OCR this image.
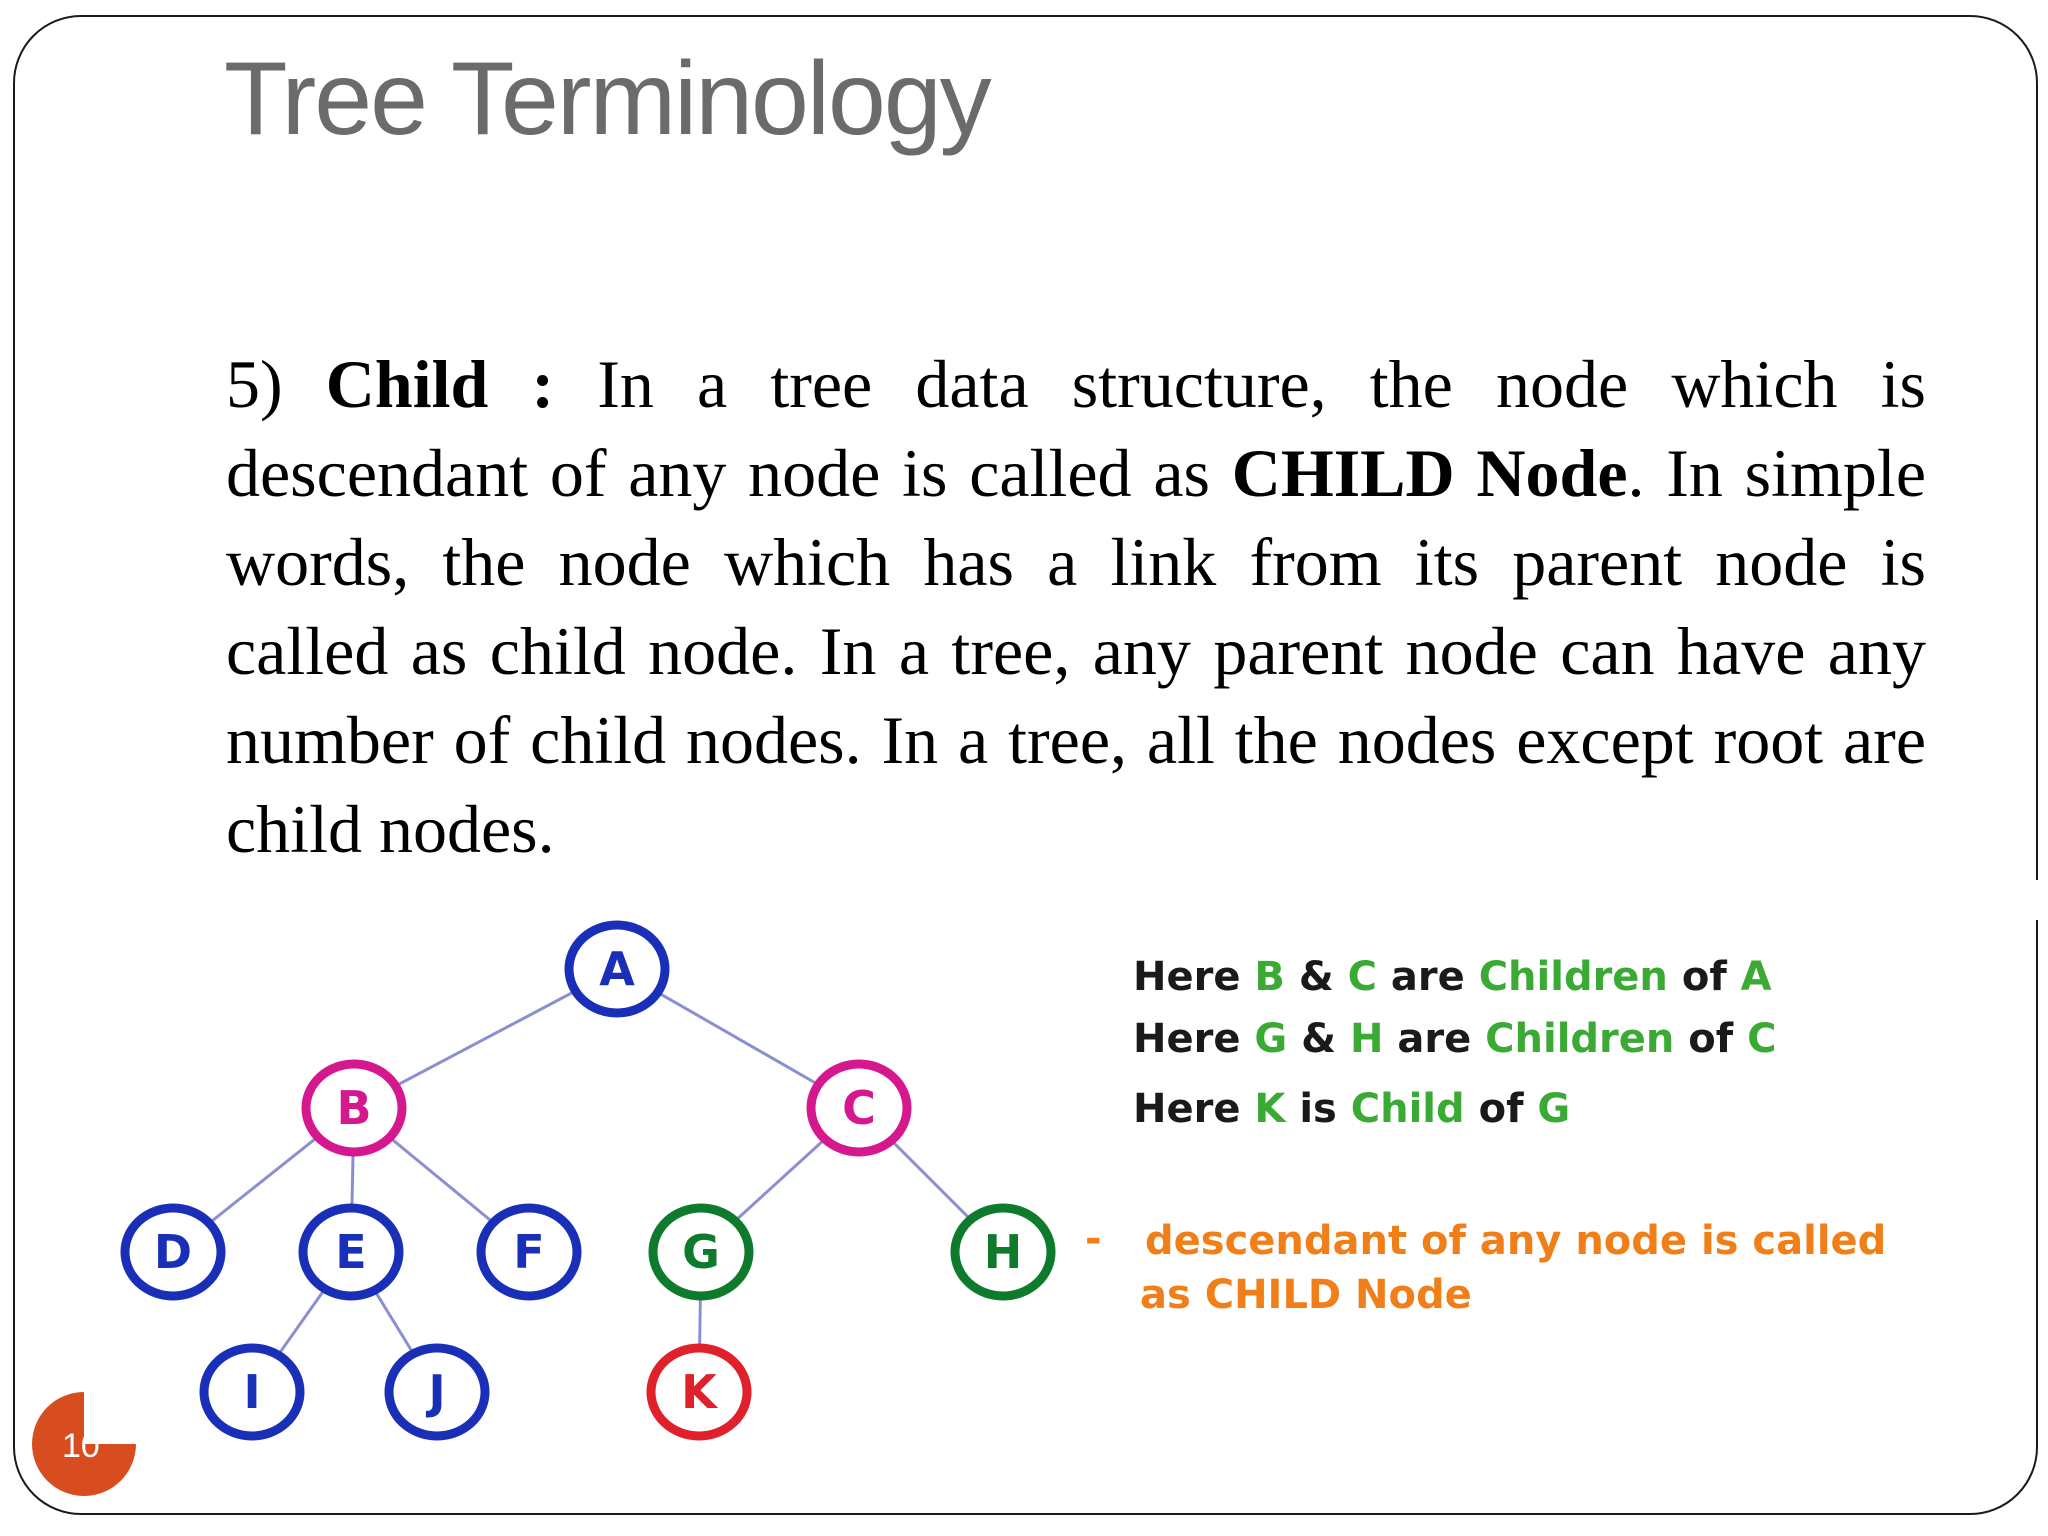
Tree Terminology

5) Child : In a tree data structure, the node which is descendant of any node is called as CHILD Node. In simple words, the node which has a link from its parent node is called as child node. In a tree, any parent node can have any number of child nodes. In a tree, all the nodes except root are child nodes.

A
B	C
D	E	F	G	H
I	J	K
Here B & C are Children of A
Here G & H are Children of C
Here K is Child of G
- descendant of any node is called
as CHILD Node
10
